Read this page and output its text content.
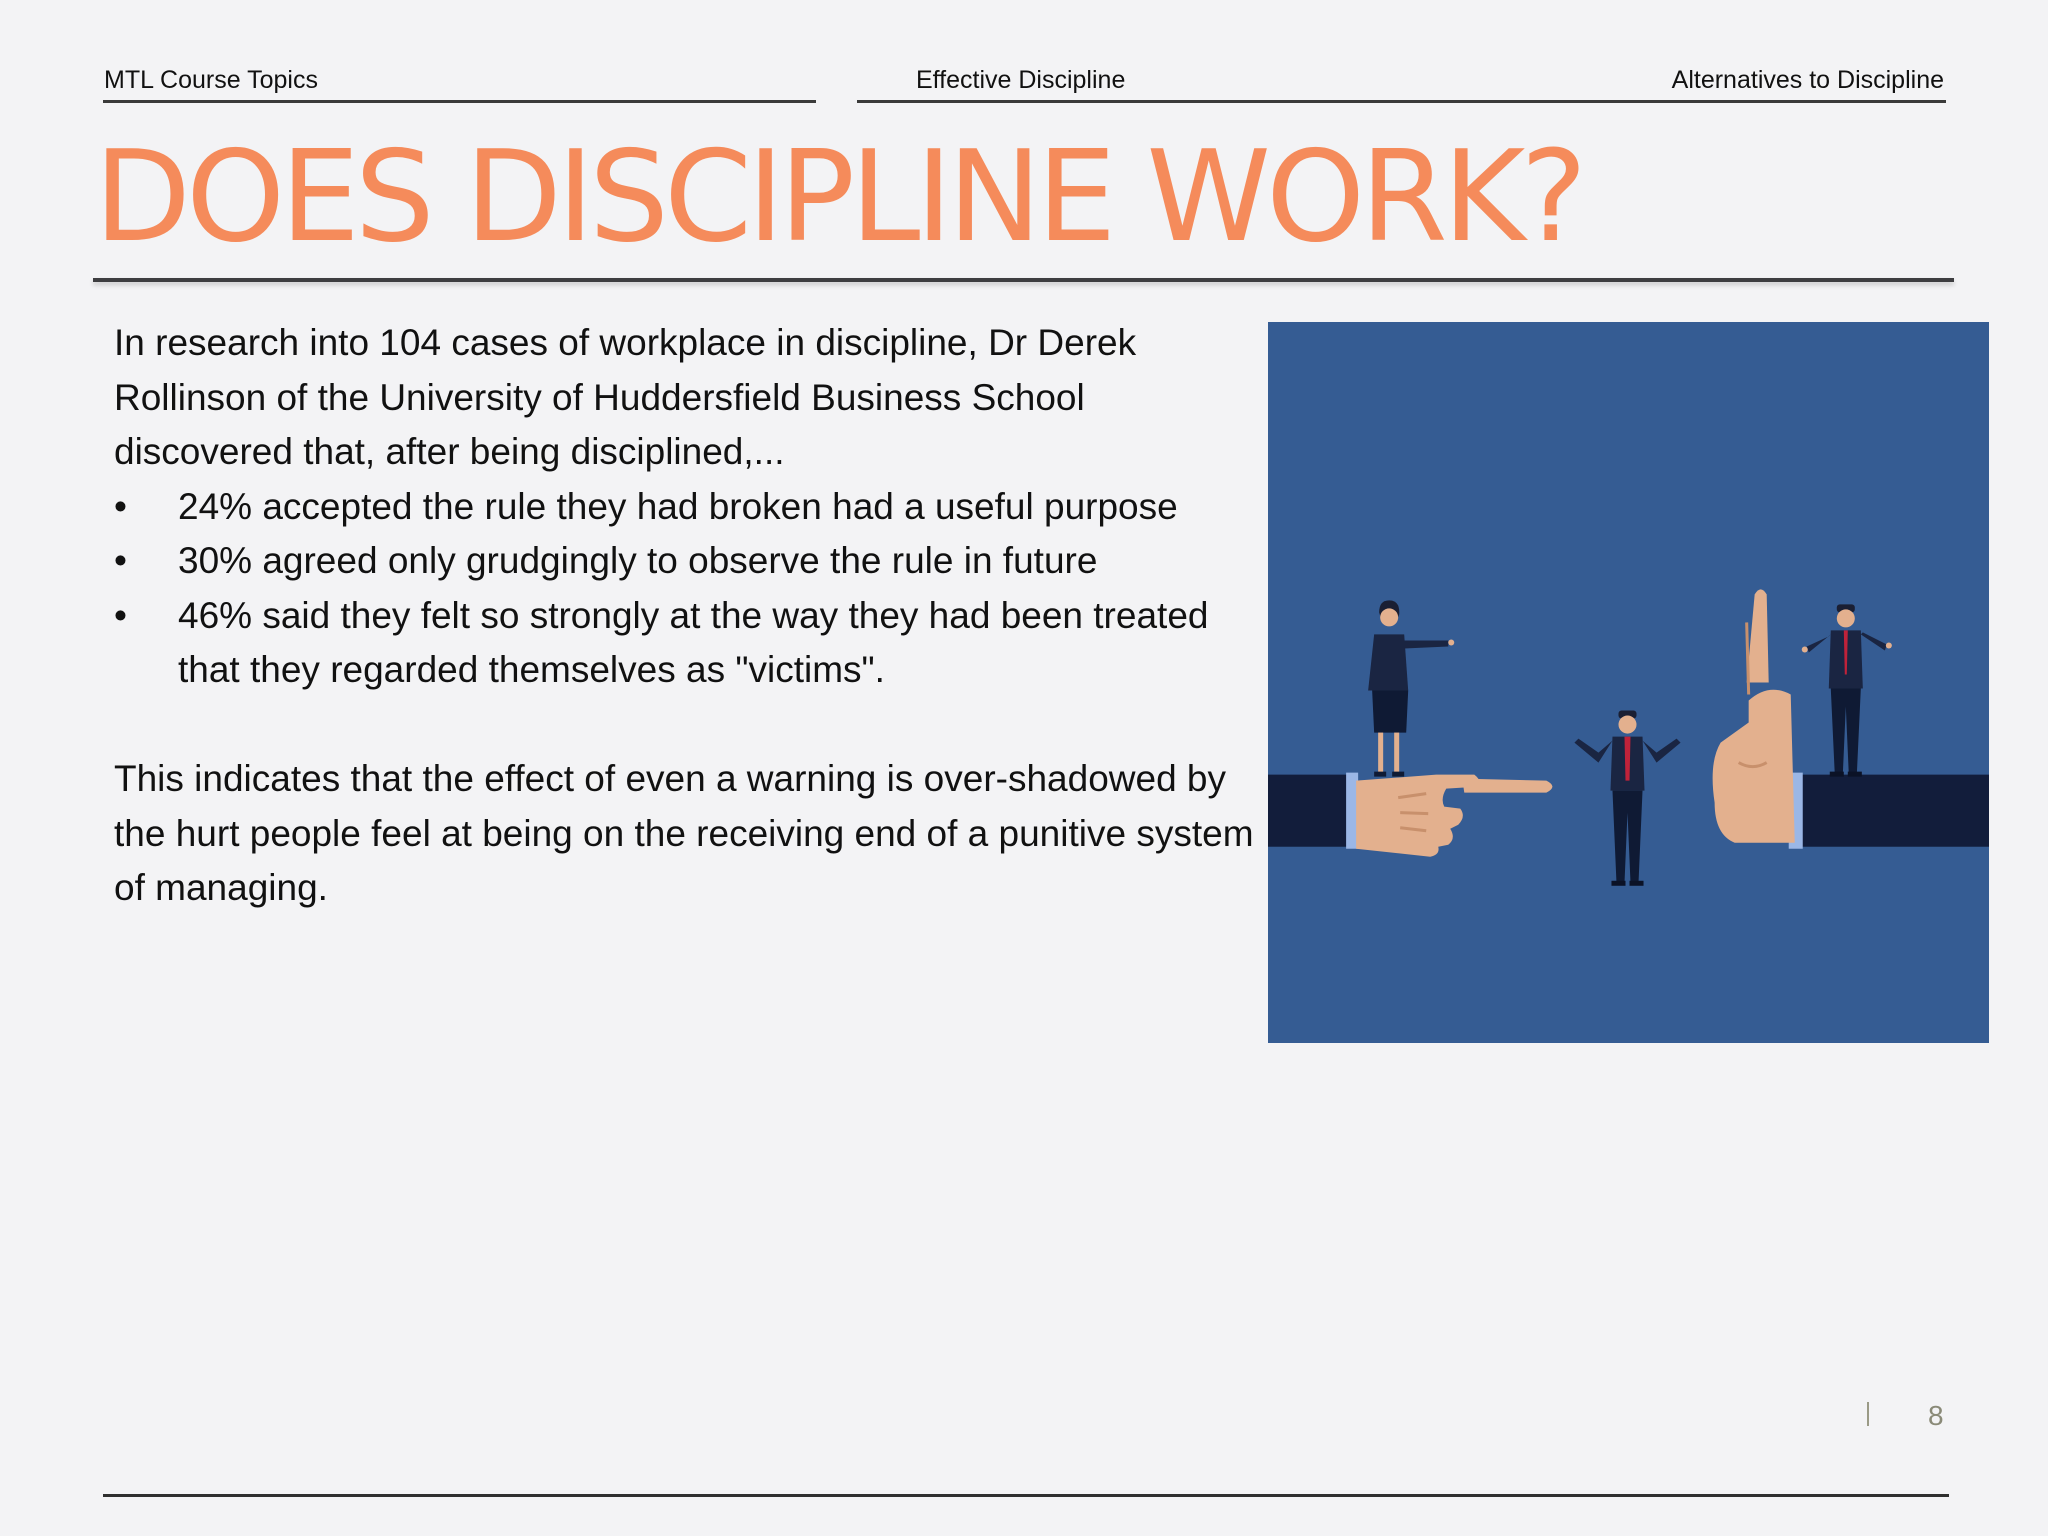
MTL Course Topics	Effective Discipline	Alternatives to Discipline
DOES DISCIPLINE WORK?

In research into 104 cases of workplace in discipline, Dr Derek Rollinson of the University of Huddersfield Business School discovered that, after being disciplined,...

• 24% accepted the rule they had broken had a useful purpose
• 30% agreed only grudgingly to observe the rule in future
• 46% said they felt so strongly at the way they had been treated that they regarded themselves as "victims".

This indicates that the effect of even a warning is over-shadowed by the hurt people feel at being on the receiving end of a punitive system of managing.

8
